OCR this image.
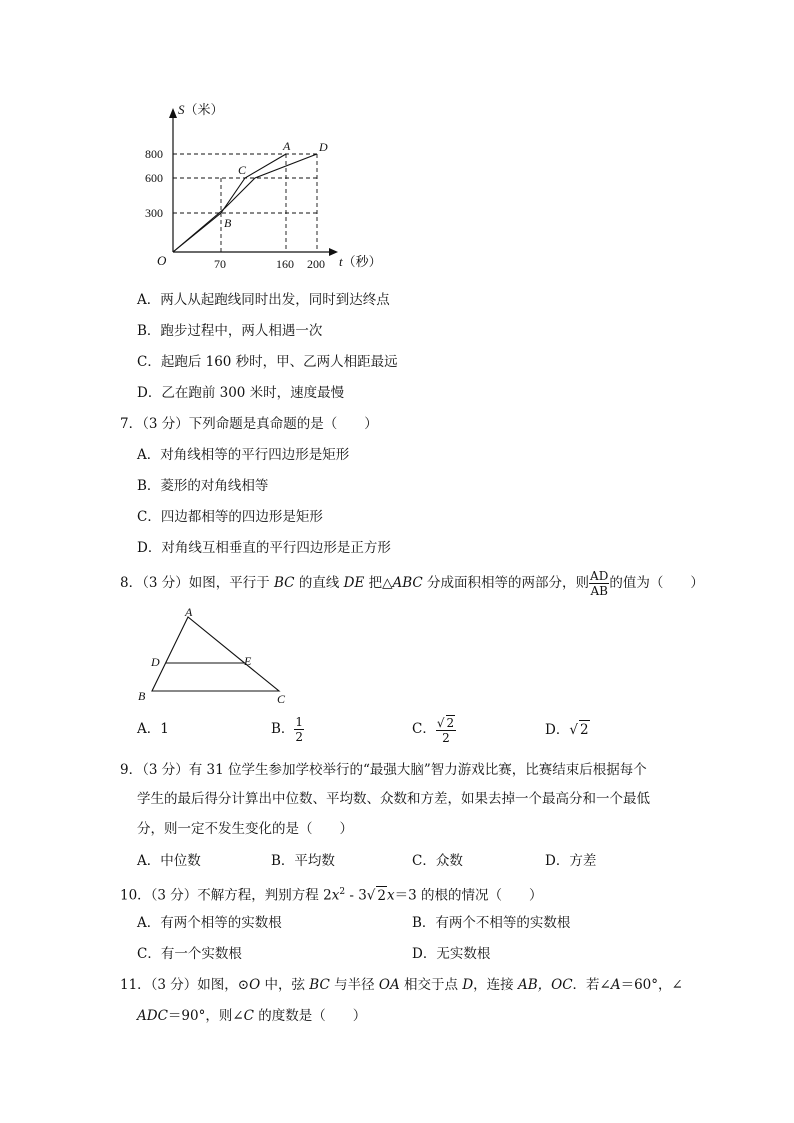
S（米）
t（秒）
O
800
600
300
70	160 200
A D
C
B
A．两人从起跑线同时出发，同时到达终点
B．跑步过程中，两人相遇一次
C．起跑后 160 秒时，甲、乙两人相距最远
D．乙在跑前 300 米时，速度最慢
7．（3 分）下列命题是真命题的是（　　）
A．对角线相等的平行四边形是矩形
B．菱形的对角线相等
C．四边都相等的四边形是矩形
D．对角线互相垂直的平行四边形是正方形
8．（3 分）如图，平行于 BC 的直线 DE 把△ABC 分成面积相等的两部分，则 $\frac{AD}{AB}$ 的值为（　　）
A
D	E
B	C
A．1	B． $\frac{1}{2}$	C． $\frac{√ 2}{2}$	D．√ 2
9．（3 分）有 31 位学生参加学校举行的“最强大脑”智力游戏比赛，比赛结束后根据每个
学生的最后得分计算出中位数、平均数、众数和方差，如果去掉一个最高分和一个最低
分，则一定不发生变化的是（　　）
A．中位数	B．平均数	C．众数	D．方差
10．（3 分）不解方程，判别方程 $2x^2 - 3√$ 2x＝3 的根的情况（　　）
A．有两个相等的实数根	B．有两个不相等的实数根
C．有一个实数根	D．无实数根
11．（3 分）如图，⊙O 中，弦 BC 与半径 OA 相交于点 D，连接 AB，OC．若∠A＝60°，∠
ADC＝90°，则∠C 的度数是（　　）
